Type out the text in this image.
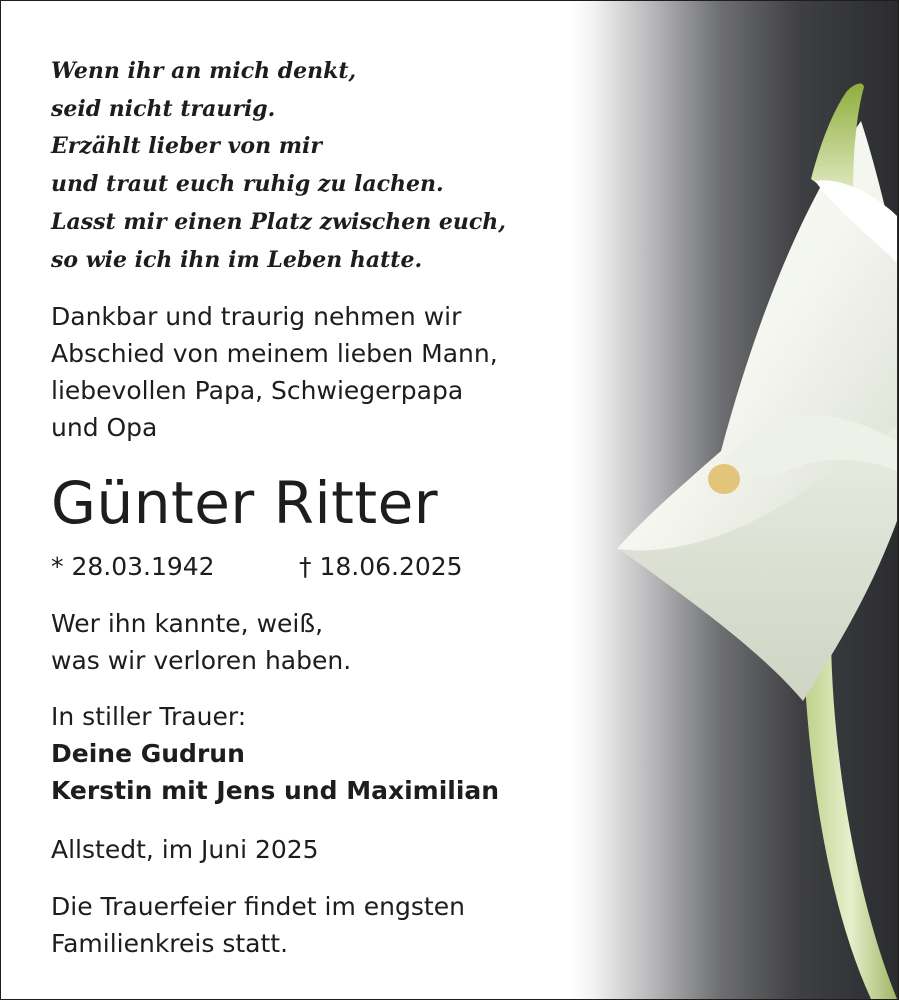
Wenn ihr an mich denkt,
seid nicht traurig.
Erzählt lieber von mir
und traut euch ruhig zu lachen.
Lasst mir einen Platz zwischen euch,
so wie ich ihn im Leben hatte.

Dankbar und traurig nehmen wir
Abschied von meinem lieben Mann,
liebevollen Papa, Schwiegerpapa
und Opa

Günter Ritter
* 28.03.1942	† 18.06.2025

Wer ihn kannte, weiß,
was wir verloren haben.

In stiller Trauer:
Deine Gudrun
Kerstin mit Jens und Maximilian

Allstedt, im Juni 2025

Die Trauerfeier findet im engsten
Familienkreis statt.
